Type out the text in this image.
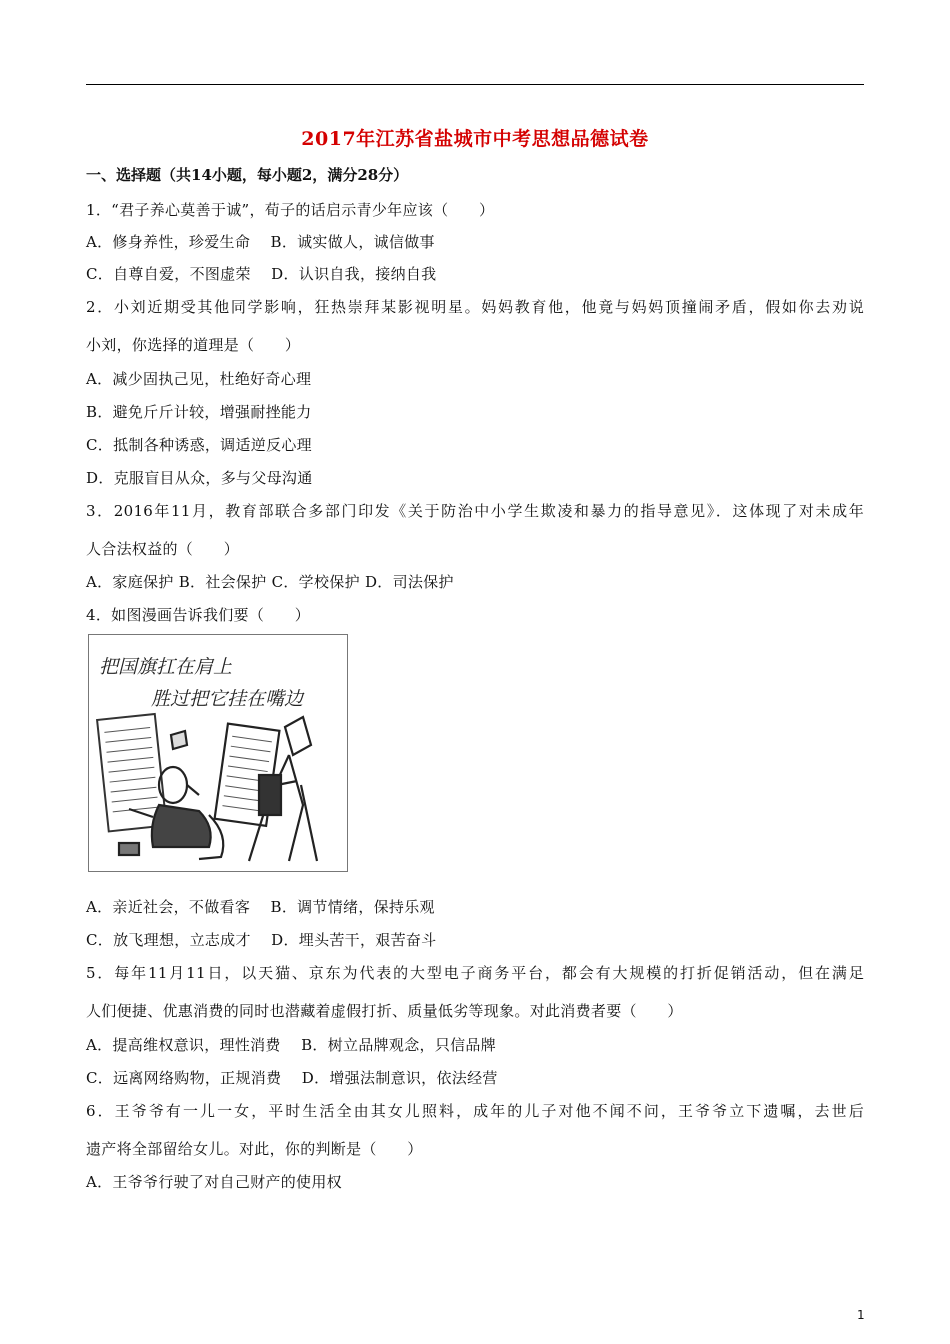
2017年江苏省盐城市中考思想品德试卷
一、选择题（共14小题，每小题2，满分28分）
1．“君子养心莫善于诚”，荀子的话启示青少年应该（　　）
A．修身养性，珍爱生命　 B．诚实做人，诚信做事
C．自尊自爱，不图虚荣　 D．认识自我，接纳自我
2．小刘近期受其他同学影响，狂热崇拜某影视明星。妈妈教育他，他竟与妈妈顶撞闹矛盾，假如你去劝说
小刘，你选择的道理是（　　）
A．减少固执己见，杜绝好奇心理
B．避免斤斤计较，增强耐挫能力
C．抵制各种诱惑，调适逆反心理
D．克服盲目从众，多与父母沟通
3．2016年11月，教育部联合多部门印发《关于防治中小学生欺凌和暴力的指导意见》．这体现了对未成年
人合法权益的（　　）
A．家庭保护 B．社会保护 C．学校保护 D．司法保护
4．如图漫画告诉我们要（　　）
把国旗扛在肩上
胜过把它挂在嘴边
A．亲近社会，不做看客　 B．调节情绪，保持乐观
C．放飞理想，立志成才　 D．埋头苦干，艰苦奋斗
5．每年11月11日，以天猫、京东为代表的大型电子商务平台，都会有大规模的打折促销活动，但在满足
人们便捷、优惠消费的同时也潜藏着虚假打折、质量低劣等现象。对此消费者要（　　）
A．提高维权意识，理性消费　 B．树立品牌观念，只信品牌
C．远离网络购物，正规消费　 D．增强法制意识，依法经营
6．王爷爷有一儿一女，平时生活全由其女儿照料，成年的儿子对他不闻不问，王爷爷立下遗嘱，去世后
遗产将全部留给女儿。对此，你的判断是（　　）
A．王爷爷行驶了对自己财产的使用权
1
